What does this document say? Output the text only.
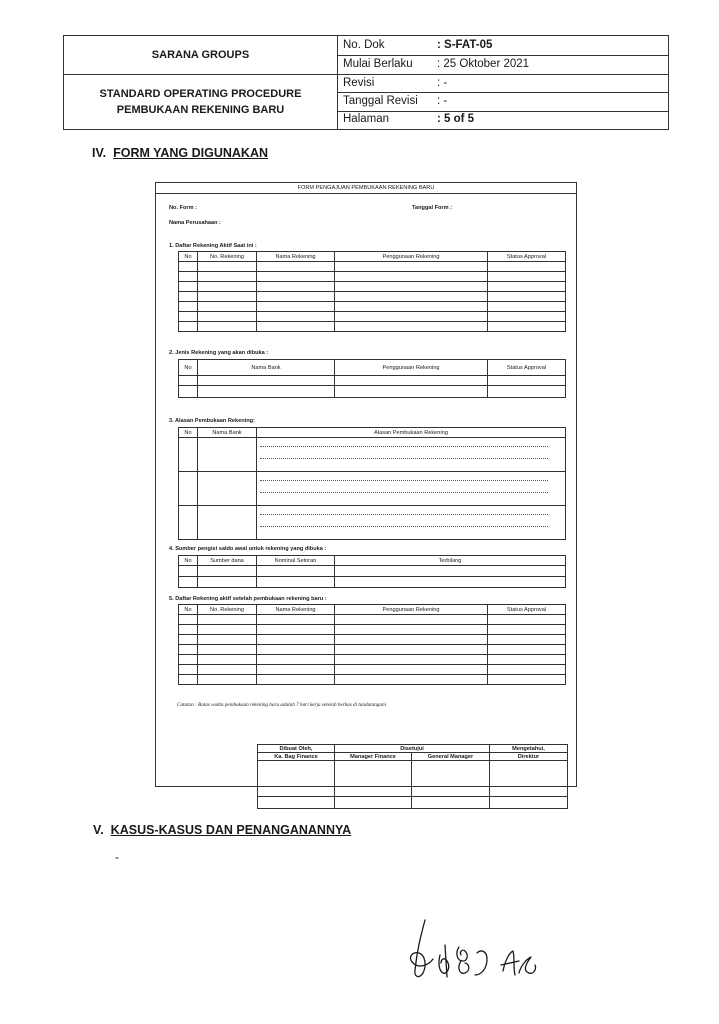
SARANA GROUPS
STANDARD OPERATING PROCEDURE
PEMBUKAAN REKENING BARU
No. Dok	: S-FAT-05
Mulai Berlaku : 25 Oktober 2021
Revisi	: -
Tanggal Revisi : -
Halaman	: 5 of 5
IV. FORM YANG DIGUNAKAN
FORM PENGAJUAN PEMBUKAAN REKENING BARU
No. Form :	Tanggal Form :
Nama Perusahaan :
1. Daftar Rekening Aktif Saat ini :
No	No. Rekening	Nama Rekening	Penggunaan Rekening	Status Approval

2. Jenis Rekening yang akan dibuka :
No	Nama Bank	Penggunaan Rekening	Status Approval

3. Alasan Pembukaan Rekening:
No	Nama Bank	Alasan Pembukaan Rekening

4. Sumber pengisi saldo awal untuk rekening yang dibuka :
No	Sumber dana	Nominal Setoran	Terbilang

5. Daftar Rekening aktif setelah pembukaan rekening baru :
No	No. Rekening	Nama Rekening	Penggunaan Rekening	Status Approval

Dibuat Oleh,	Disetujui		Mengetahui,
Ka. Bag Finance	Manager Finance	General Manager	Direktur

Catatan : Batas waktu pembukaan rekening baru adalah 7 hari kerja setelah berkas di tandatangani
V. KASUS-KASUS DAN PENANGANANNYA
-
